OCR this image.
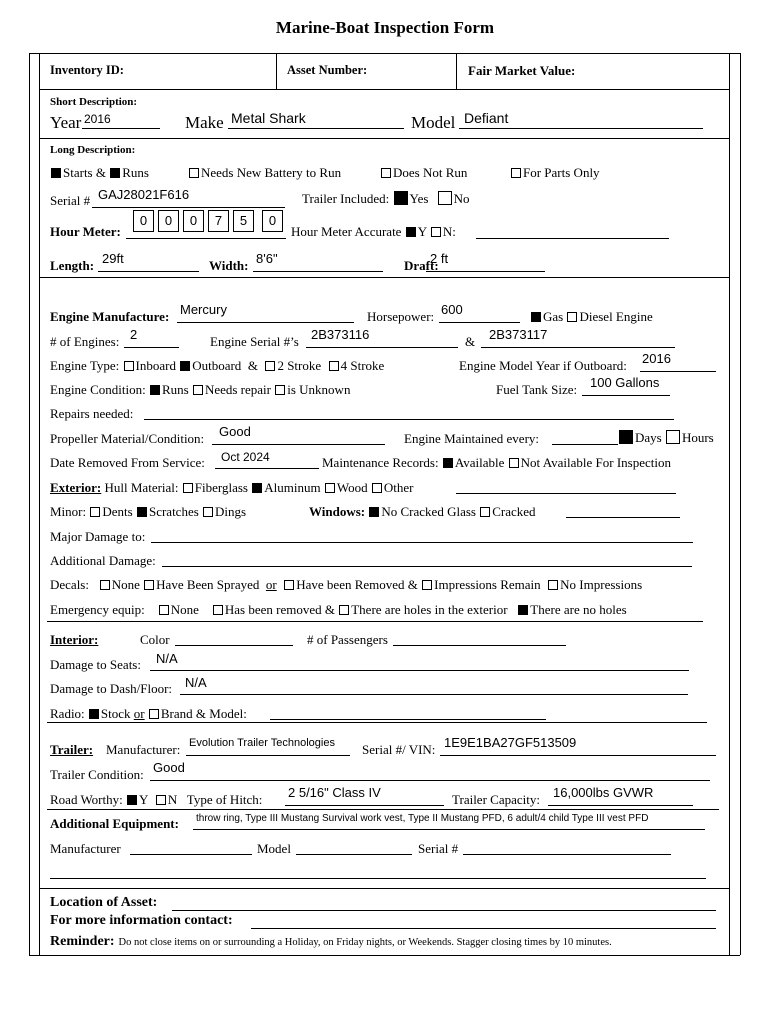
Marine-Boat Inspection Form
Inventory ID:	Asset Number:	Fair Market Value:
Short Description:
Year 2016	Make Metal Shark	Model Defiant
Long Description:
Starts & Runs	Needs New Battery to Run	Does Not Run	For Parts Only
Serial # GAJ28021F616	Trailer Included: Yes No
Hour Meter:
0	0	0	7	5	0
Hour Meter Accurate Y N:
Length: 29ft	Width: 8'6"	Draft:
2 ft
Engine Manufacture: Mercury	Horsepower: 600	Gas Diesel Engine
# of Engines: 2	Engine Serial #’s 2B373116	& 2B373117
Engine Type: Inboard Outboard & 2 Stroke 4 Stroke	Engine Model Year if Outboard: 2016
Engine Condition: Runs Needs repair is Unknown	Fuel Tank Size: 100 Gallons
Repairs needed:
Propeller Material/Condition: Good	Engine Maintained every:	Days Hours
Date Removed From Service: Oct 2024	Maintenance Records: Available Not Available For Inspection
Exterior: Hull Material: Fiberglass Aluminum Wood Other
Minor: Dents Scratches Dings	Windows: No Cracked Glass Cracked
Major Damage to:
Additional Damage:
Decals: None Have Been Sprayed or Have been Removed & Impressions Remain No Impressions
Emergency equip: None Has been removed & There are holes in the exterior There are no holes
Interior:	Color	# of Passengers
Damage to Seats: N/A
Damage to Dash/Floor: N/A
Radio: Stock or Brand & Model:
Trailer: Manufacturer: Evolution Trailer Technologies Serial #/ VIN: 1E9E1BA27GF513509
Trailer Condition: Good
Road Worthy: Y N Type of Hitch: 2 5/16" Class IV	Trailer Capacity: 16,000lbs GVWR
Additional Equipment: throw ring, Type III Mustang Survival work vest, Type II Mustang PFD, 6 adult/4 child Type III vest PFD
Manufacturer	Model	Serial #
Location of Asset:
For more information contact:
Reminder: Do not close items on or surrounding a Holiday, on Friday nights, or Weekends. Stagger closing times by 10 minutes.
